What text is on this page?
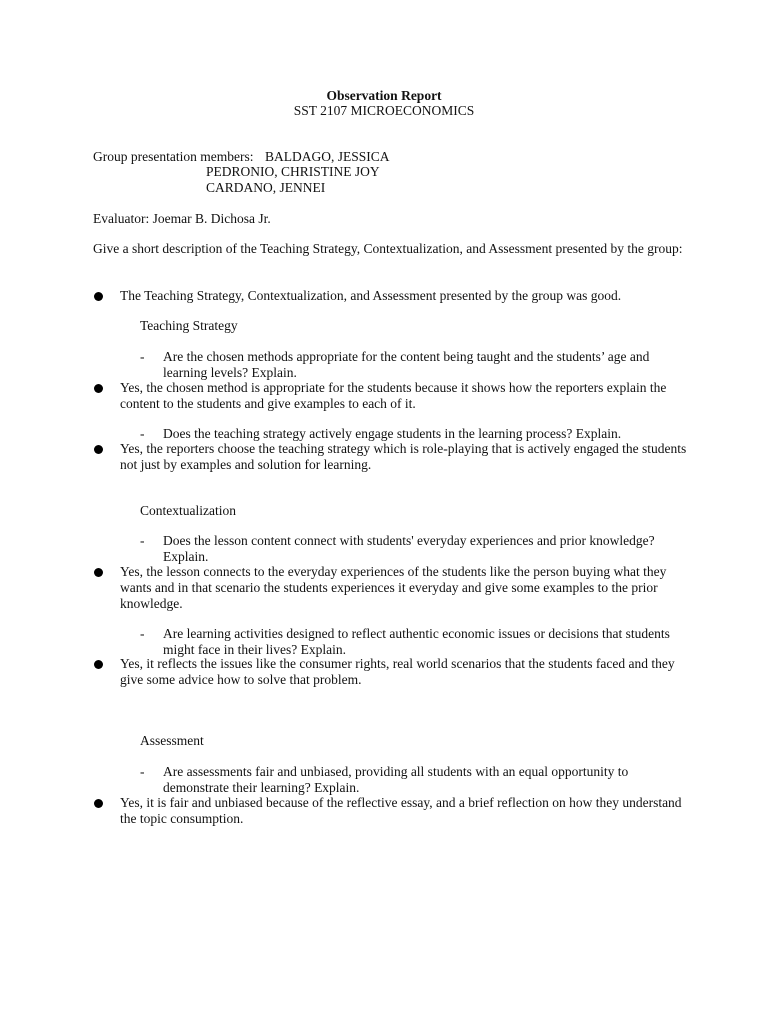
Observation Report
SST 2107 MICROECONOMICS
Group presentation members: BALDAGO, JESSICA
PEDRONIO, CHRISTINE JOY
CARDANO, JENNEI
Evaluator: Joemar B. Dichosa Jr.
Give a short description of the Teaching Strategy, Contextualization, and Assessment presented by the group:
The Teaching Strategy, Contextualization, and Assessment presented by the group was good.
Teaching Strategy
- Are the chosen methods appropriate for the content being taught and the students’ age and learning levels? Explain.
Yes, the chosen method is appropriate for the students because it shows how the reporters explain the content to the students and give examples to each of it.
- Does the teaching strategy actively engage students in the learning process? Explain.
Yes, the reporters choose the teaching strategy which is role-playing that is actively engaged the students not just by examples and solution for learning.
Contextualization
- Does the lesson content connect with students' everyday experiences and prior knowledge? Explain.
Yes, the lesson connects to the everyday experiences of the students like the person buying what they wants and in that scenario the students experiences it everyday and give some examples to the prior knowledge.
- Are learning activities designed to reflect authentic economic issues or decisions that students might face in their lives? Explain.
Yes, it reflects the issues like the consumer rights, real world scenarios that the students faced and they give some advice how to solve that problem.
Assessment
- Are assessments fair and unbiased, providing all students with an equal opportunity to demonstrate their learning? Explain.
Yes, it is fair and unbiased because of the reflective essay, and a brief reflection on how they understand the topic consumption.
